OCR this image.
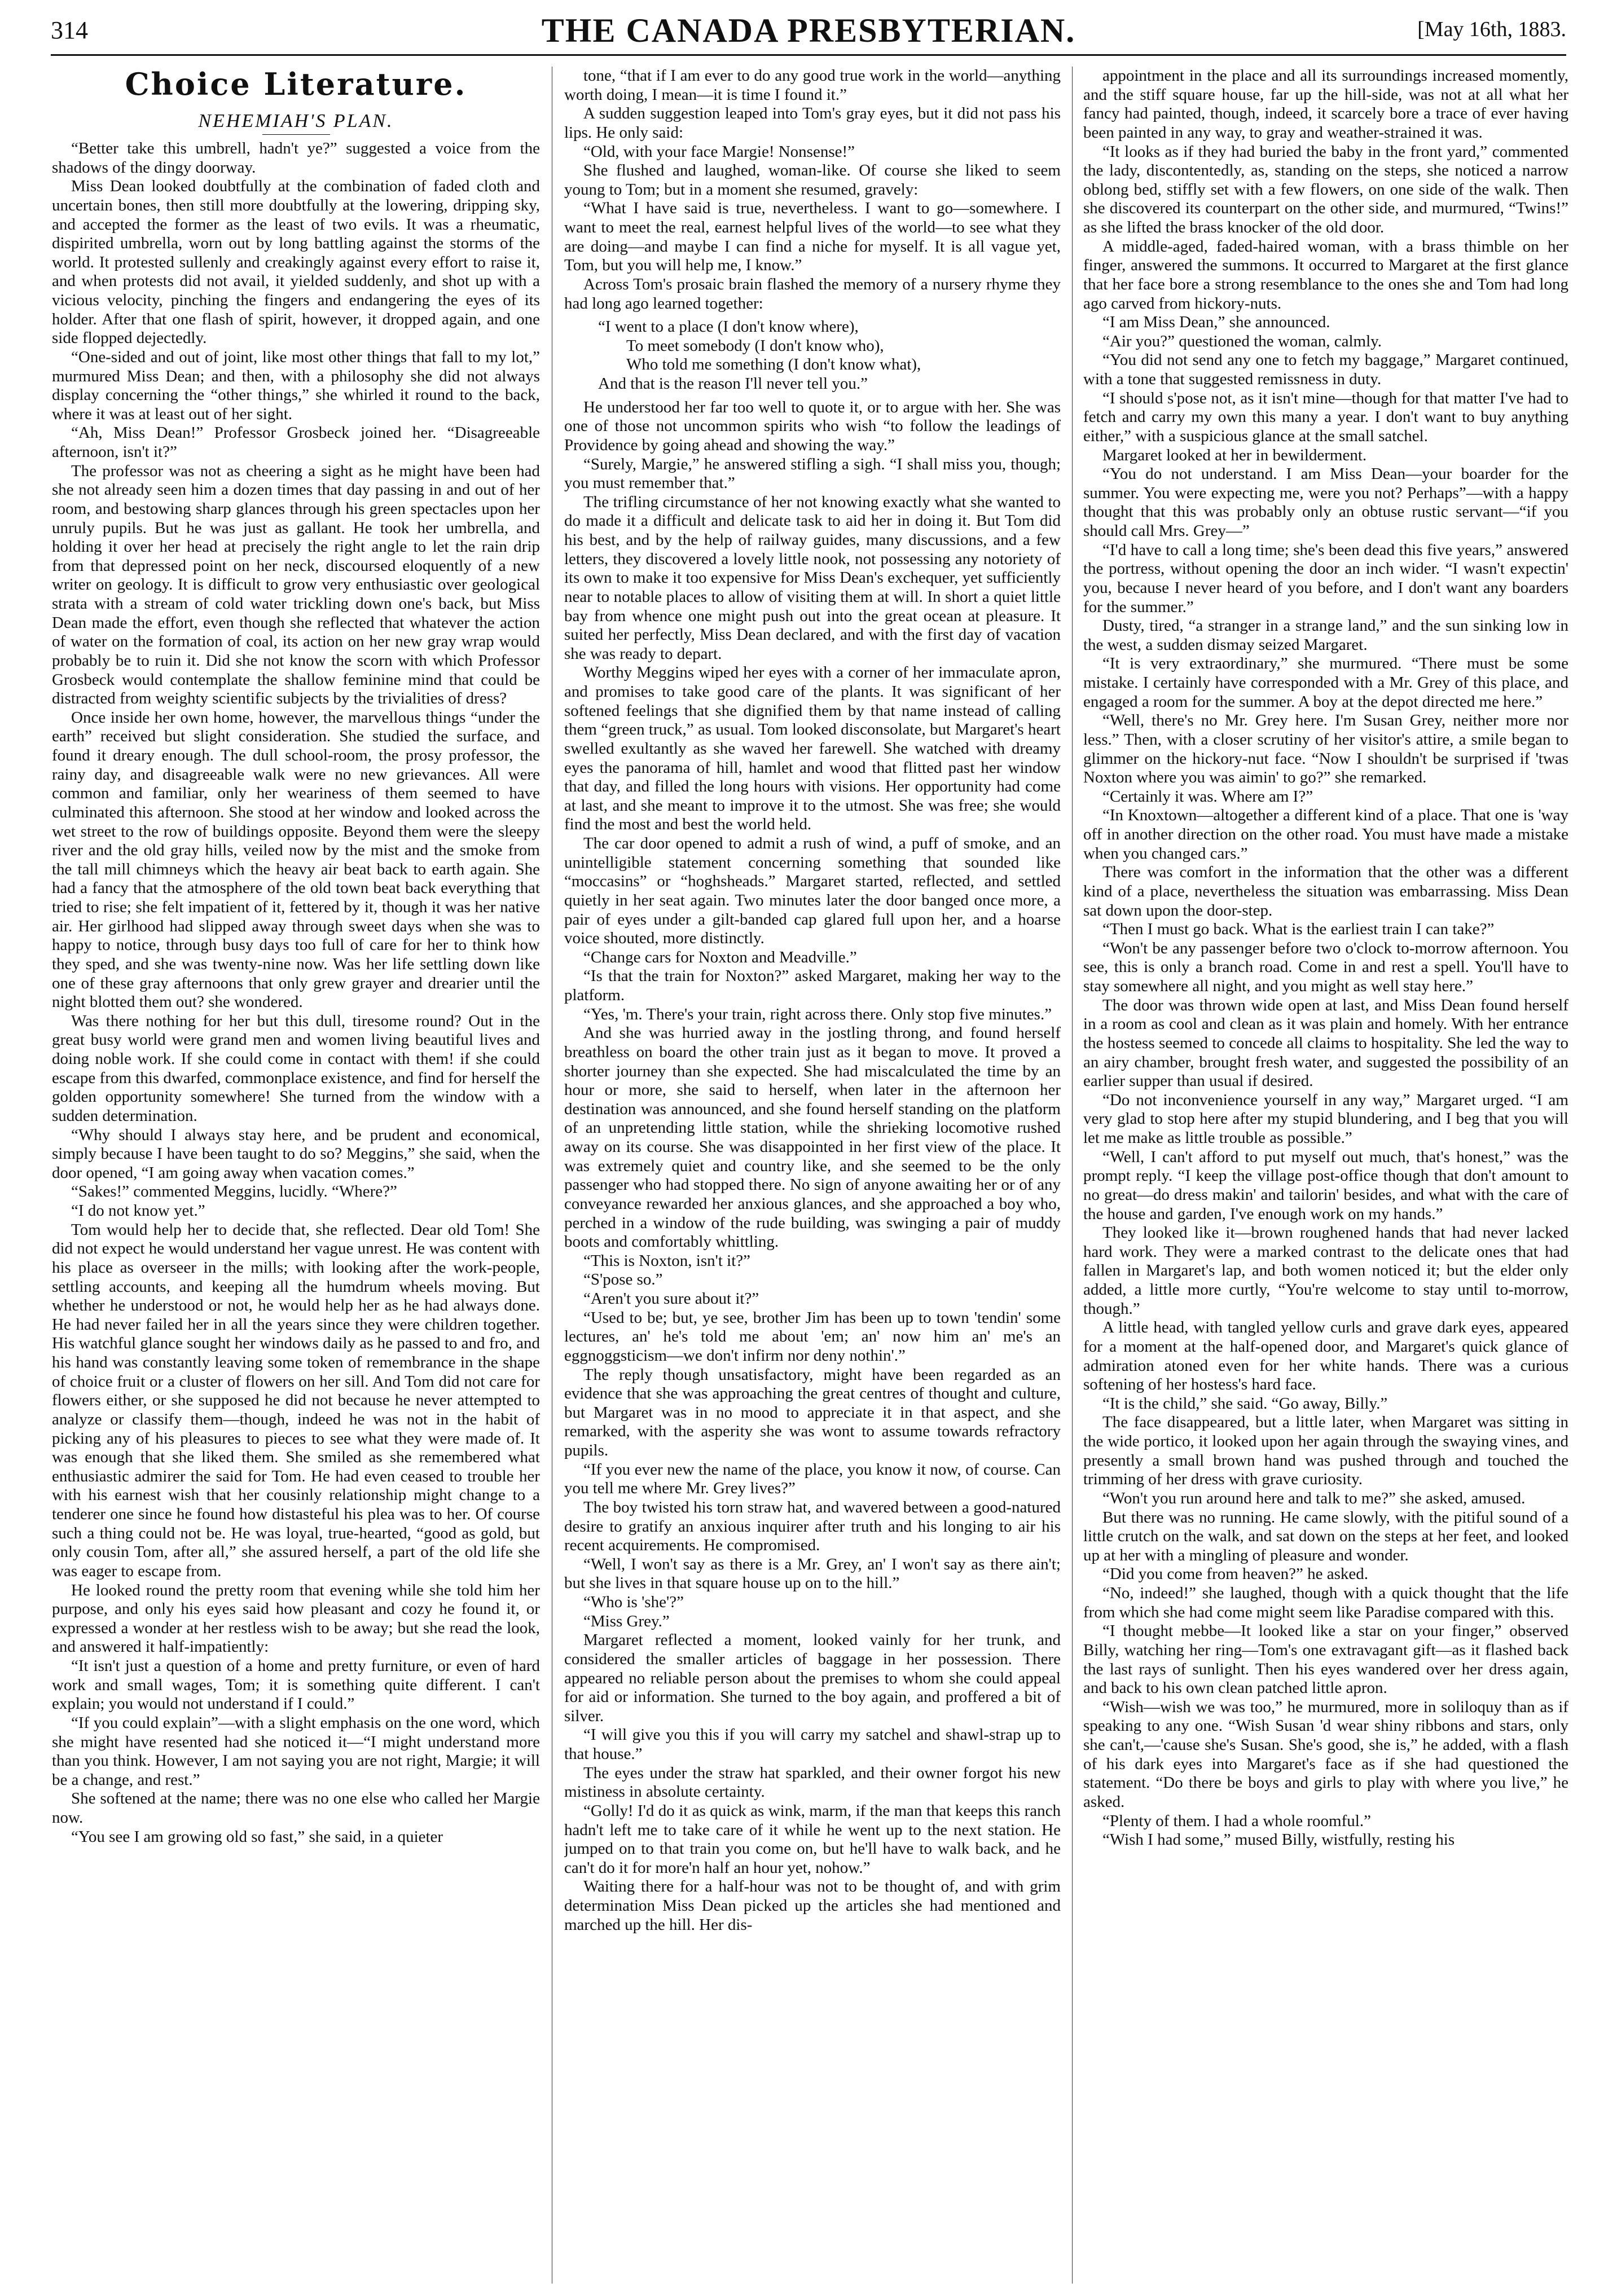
314	THE CANADA PRESBYTERIAN.	[May 16th, 1883.

Choice Literature.

NEHEMIAH'S PLAN.

“Better take this umbrell, hadn't ye?” suggested a voice from the shadows of the dingy doorway.

Miss Dean looked doubtfully at the combination of faded cloth and uncertain bones, then still more doubtfully at the lowering, dripping sky, and accepted the former as the least of two evils. It was a rheumatic, dispirited umbrella, worn out by long battling against the storms of the world. It protested sullenly and creakingly against every effort to raise it, and when protests did not avail, it yielded suddenly, and shot up with a vicious velocity, pinching the fingers and endangering the eyes of its holder. After that one flash of spirit, however, it dropped again, and one side flopped dejectedly.

“One-sided and out of joint, like most other things that fall to my lot,” murmured Miss Dean; and then, with a philosophy she did not always display concerning the “other things,” she whirled it round to the back, where it was at least out of her sight.

“Ah, Miss Dean!” Professor Grosbeck joined her. “Disagreeable afternoon, isn't it?”

The professor was not as cheering a sight as he might have been had she not already seen him a dozen times that day passing in and out of her room, and bestowing sharp glances through his green spectacles upon her unruly pupils. But he was just as gallant. He took her umbrella, and holding it over her head at precisely the right angle to let the rain drip from that depressed point on her neck, discoursed eloquently of a new writer on geology. It is difficult to grow very enthusiastic over geological strata with a stream of cold water trickling down one's back, but Miss Dean made the effort, even though she reflected that whatever the action of water on the formation of coal, its action on her new gray wrap would probably be to ruin it. Did she not know the scorn with which Professor Grosbeck would contemplate the shallow feminine mind that could be distracted from weighty scientific subjects by the trivialities of dress?

Once inside her own home, however, the marvellous things “under the earth” received but slight consideration. She studied the surface, and found it dreary enough. The dull school-room, the prosy professor, the rainy day, and disagreeable walk were no new grievances. All were common and familiar, only her weariness of them seemed to have culminated this afternoon. She stood at her window and looked across the wet street to the row of buildings opposite. Beyond them were the sleepy river and the old gray hills, veiled now by the mist and the smoke from the tall mill chimneys which the heavy air beat back to earth again. She had a fancy that the atmosphere of the old town beat back everything that tried to rise; she felt impatient of it, fettered by it, though it was her native air. Her girlhood had slipped away through sweet days when she was to happy to notice, through busy days too full of care for her to think how they sped, and she was twenty-nine now. Was her life settling down like one of these gray afternoons that only grew grayer and drearier until the night blotted them out? she wondered.

Was there nothing for her but this dull, tiresome round? Out in the great busy world were grand men and women living beautiful lives and doing noble work. If she could come in contact with them! if she could escape from this dwarfed, commonplace existence, and find for herself the golden opportunity somewhere! She turned from the window with a sudden determination.

“Why should I always stay here, and be prudent and economical, simply because I have been taught to do so? Meggins,” she said, when the door opened, “I am going away when vacation comes.”

“Sakes!” commented Meggins, lucidly. “Where?”

“I do not know yet.”

Tom would help her to decide that, she reflected. Dear old Tom! She did not expect he would understand her vague unrest. He was content with his place as overseer in the mills; with looking after the work-people, settling accounts, and keeping all the humdrum wheels moving. But whether he understood or not, he would help her as he had always done. He had never failed her in all the years since they were children together. His watchful glance sought her windows daily as he passed to and fro, and his hand was constantly leaving some token of remembrance in the shape of choice fruit or a cluster of flowers on her sill. And Tom did not care for flowers either, or she supposed he did not because he never attempted to analyze or classify them—though, indeed he was not in the habit of picking any of his pleasures to pieces to see what they were made of. It was enough that she liked them. She smiled as she remembered what enthusiastic admirer the said for Tom. He had even ceased to trouble her with his earnest wish that her cousinly relationship might change to a tenderer one since he found how distasteful his plea was to her. Of course such a thing could not be. He was loyal, true-hearted, “good as gold, but only cousin Tom, after all,” she assured herself, a part of the old life she was eager to escape from.

He looked round the pretty room that evening while she told him her purpose, and only his eyes said how pleasant and cozy he found it, or expressed a wonder at her restless wish to be away; but she read the look, and answered it half-impatiently:

“It isn't just a question of a home and pretty furniture, or even of hard work and small wages, Tom; it is something quite different. I can't explain; you would not understand if I could.”

“If you could explain”—with a slight emphasis on the one word, which she might have resented had she noticed it—“I might understand more than you think. However, I am not saying you are not right, Margie; it will be a change, and rest.”

She softened at the name; there was no one else who called her Margie now.

“You see I am growing old so fast,” she said, in a quieter

tone, “that if I am ever to do any good true work in the world—anything worth doing, I mean—it is time I found it.”

A sudden suggestion leaped into Tom's gray eyes, but it did not pass his lips. He only said:

“Old, with your face Margie! Nonsense!”

She flushed and laughed, woman-like. Of course she liked to seem young to Tom; but in a moment she resumed, gravely:

“What I have said is true, nevertheless. I want to go—somewhere. I want to meet the real, earnest helpful lives of the world—to see what they are doing—and maybe I can find a niche for myself. It is all vague yet, Tom, but you will help me, I know.”

Across Tom's prosaic brain flashed the memory of a nursery rhyme they had long ago learned together:

“I went to a place (I don't know where),
To meet somebody (I don't know who),
Who told me something (I don't know what),
And that is the reason I'll never tell you.”

He understood her far too well to quote it, or to argue with her. She was one of those not uncommon spirits who wish “to follow the leadings of Providence by going ahead and showing the way.”

“Surely, Margie,” he answered stifling a sigh. “I shall miss you, though; you must remember that.”

The trifling circumstance of her not knowing exactly what she wanted to do made it a difficult and delicate task to aid her in doing it. But Tom did his best, and by the help of railway guides, many discussions, and a few letters, they discovered a lovely little nook, not possessing any notoriety of its own to make it too expensive for Miss Dean's exchequer, yet sufficiently near to notable places to allow of visiting them at will. In short a quiet little bay from whence one might push out into the great ocean at pleasure. It suited her perfectly, Miss Dean declared, and with the first day of vacation she was ready to depart.

Worthy Meggins wiped her eyes with a corner of her immaculate apron, and promises to take good care of the plants. It was significant of her softened feelings that she dignified them by that name instead of calling them “green truck,” as usual. Tom looked disconsolate, but Margaret's heart swelled exultantly as she waved her farewell. She watched with dreamy eyes the panorama of hill, hamlet and wood that flitted past her window that day, and filled the long hours with visions. Her opportunity had come at last, and she meant to improve it to the utmost. She was free; she would find the most and best the world held.

The car door opened to admit a rush of wind, a puff of smoke, and an unintelligible statement concerning something that sounded like “moccasins” or “hoghsheads.” Margaret started, reflected, and settled quietly in her seat again. Two minutes later the door banged once more, a pair of eyes under a gilt-banded cap glared full upon her, and a hoarse voice shouted, more distinctly.

“Change cars for Noxton and Meadville.”

“Is that the train for Noxton?” asked Margaret, making her way to the platform.

“Yes, 'm. There's your train, right across there. Only stop five minutes.”

And she was hurried away in the jostling throng, and found herself breathless on board the other train just as it began to move. It proved a shorter journey than she expected. She had miscalculated the time by an hour or more, she said to herself, when later in the afternoon her destination was announced, and she found herself standing on the platform of an unpretending little station, while the shrieking locomotive rushed away on its course. She was disappointed in her first view of the place. It was extremely quiet and country like, and she seemed to be the only passenger who had stopped there. No sign of anyone awaiting her or of any conveyance rewarded her anxious glances, and she approached a boy who, perched in a window of the rude building, was swinging a pair of muddy boots and comfortably whittling.

“This is Noxton, isn't it?”

“S'pose so.”

“Aren't you sure about it?”

“Used to be; but, ye see, brother Jim has been up to town 'tendin' some lectures, an' he's told me about 'em; an' now him an' me's an eggnoggsticism—we don't infirm nor deny nothin'.”

The reply though unsatisfactory, might have been regarded as an evidence that she was approaching the great centres of thought and culture, but Margaret was in no mood to appreciate it in that aspect, and she remarked, with the asperity she was wont to assume towards refractory pupils.

“If you ever new the name of the place, you know it now, of course. Can you tell me where Mr. Grey lives?”

The boy twisted his torn straw hat, and wavered between a good-natured desire to gratify an anxious inquirer after truth and his longing to air his recent acquirements. He compromised.

“Well, I won't say as there is a Mr. Grey, an' I won't say as there ain't; but she lives in that square house up on to the hill.”

“Who is 'she'?”

“Miss Grey.”

Margaret reflected a moment, looked vainly for her trunk, and considered the smaller articles of baggage in her possession. There appeared no reliable person about the premises to whom she could appeal for aid or information. She turned to the boy again, and proffered a bit of silver.

“I will give you this if you will carry my satchel and shawl-strap up to that house.”

The eyes under the straw hat sparkled, and their owner forgot his new mistiness in absolute certainty.

“Golly! I'd do it as quick as wink, marm, if the man that keeps this ranch hadn't left me to take care of it while he went up to the next station. He jumped on to that train you come on, but he'll have to walk back, and he can't do it for more'n half an hour yet, nohow.”

Waiting there for a half-hour was not to be thought of, and with grim determination Miss Dean picked up the articles she had mentioned and marched up the hill. Her dis-

appointment in the place and all its surroundings increased momently, and the stiff square house, far up the hill-side, was not at all what her fancy had painted, though, indeed, it scarcely bore a trace of ever having been painted in any way, to gray and weather-strained it was.

“It looks as if they had buried the baby in the front yard,” commented the lady, discontentedly, as, standing on the steps, she noticed a narrow oblong bed, stiffly set with a few flowers, on one side of the walk. Then she discovered its counterpart on the other side, and murmured, “Twins!” as she lifted the brass knocker of the old door.

A middle-aged, faded-haired woman, with a brass thimble on her finger, answered the summons. It occurred to Margaret at the first glance that her face bore a strong resemblance to the ones she and Tom had long ago carved from hickory-nuts.

“I am Miss Dean,” she announced.

“Air you?” questioned the woman, calmly.

“You did not send any one to fetch my baggage,” Margaret continued, with a tone that suggested remissness in duty.

“I should s'pose not, as it isn't mine—though for that matter I've had to fetch and carry my own this many a year. I don't want to buy anything either,” with a suspicious glance at the small satchel.

Margaret looked at her in bewilderment.

“You do not understand. I am Miss Dean—your boarder for the summer. You were expecting me, were you not? Perhaps”—with a happy thought that this was probably only an obtuse rustic servant—“if you should call Mrs. Grey—”

“I'd have to call a long time; she's been dead this five years,” answered the portress, without opening the door an inch wider. “I wasn't expectin' you, because I never heard of you before, and I don't want any boarders for the summer.”

Dusty, tired, “a stranger in a strange land,” and the sun sinking low in the west, a sudden dismay seized Margaret.

“It is very extraordinary,” she murmured. “There must be some mistake. I certainly have corresponded with a Mr. Grey of this place, and engaged a room for the summer. A boy at the depot directed me here.”

“Well, there's no Mr. Grey here. I'm Susan Grey, neither more nor less.” Then, with a closer scrutiny of her visitor's attire, a smile began to glimmer on the hickory-nut face. “Now I shouldn't be surprised if 'twas Noxton where you was aimin' to go?” she remarked.

“Certainly it was. Where am I?”

“In Knoxtown—altogether a different kind of a place. That one is 'way off in another direction on the other road. You must have made a mistake when you changed cars.”

There was comfort in the information that the other was a different kind of a place, nevertheless the situation was embarrassing. Miss Dean sat down upon the door-step.

“Then I must go back. What is the earliest train I can take?”

“Won't be any passenger before two o'clock to-morrow afternoon. You see, this is only a branch road. Come in and rest a spell. You'll have to stay somewhere all night, and you might as well stay here.”

The door was thrown wide open at last, and Miss Dean found herself in a room as cool and clean as it was plain and homely. With her entrance the hostess seemed to concede all claims to hospitality. She led the way to an airy chamber, brought fresh water, and suggested the possibility of an earlier supper than usual if desired.

“Do not inconvenience yourself in any way,” Margaret urged. “I am very glad to stop here after my stupid blundering, and I beg that you will let me make as little trouble as possible.”

“Well, I can't afford to put myself out much, that's honest,” was the prompt reply. “I keep the village post-office though that don't amount to no great—do dress makin' and tailorin' besides, and what with the care of the house and garden, I've enough work on my hands.”

They looked like it—brown roughened hands that had never lacked hard work. They were a marked contrast to the delicate ones that had fallen in Margaret's lap, and both women noticed it; but the elder only added, a little more curtly, “You're welcome to stay until to-morrow, though.”

A little head, with tangled yellow curls and grave dark eyes, appeared for a moment at the half-opened door, and Margaret's quick glance of admiration atoned even for her white hands. There was a curious softening of her hostess's hard face.

“It is the child,” she said. “Go away, Billy.”

The face disappeared, but a little later, when Margaret was sitting in the wide portico, it looked upon her again through the swaying vines, and presently a small brown hand was pushed through and touched the trimming of her dress with grave curiosity.

“Won't you run around here and talk to me?” she asked, amused.

But there was no running. He came slowly, with the pitiful sound of a little crutch on the walk, and sat down on the steps at her feet, and looked up at her with a mingling of pleasure and wonder.

“Did you come from heaven?” he asked.

“No, indeed!” she laughed, though with a quick thought that the life from which she had come might seem like Paradise compared with this.

“I thought mebbe—It looked like a star on your finger,” observed Billy, watching her ring—Tom's one extravagant gift—as it flashed back the last rays of sunlight. Then his eyes wandered over her dress again, and back to his own clean patched little apron.

“Wish—wish we was too,” he murmured, more in soliloquy than as if speaking to any one. “Wish Susan 'd wear shiny ribbons and stars, only she can't,—'cause she's Susan. She's good, she is,” he added, with a flash of his dark eyes into Margaret's face as if she had questioned the statement. “Do there be boys and girls to play with where you live,” he asked.

“Plenty of them. I had a whole roomful.”

“Wish I had some,” mused Billy, wistfully, resting his
